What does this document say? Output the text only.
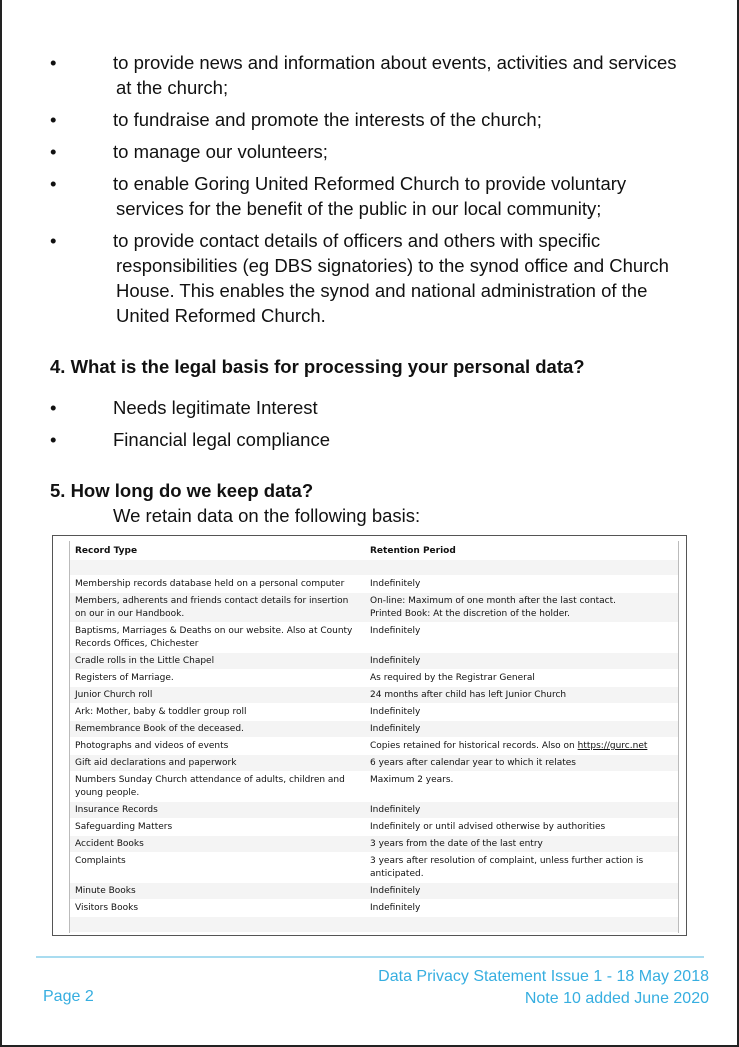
•	to provide news and information about events, activities and services
at the church;
•	to fundraise and promote the interests of the church;
•	to manage our volunteers;
•	to enable Goring United Reformed Church to provide voluntary
services for the benefit of the public in our local community;
•	to provide contact details of officers and others with specific
responsibilities (eg DBS signatories) to the synod office and Church
House. This enables the synod and national administration of the
United Reformed Church.
4. What is the legal basis for processing your personal data?
•	Needs legitimate Interest
•	Financial legal compliance
5. How long do we keep data?

We retain data on the following basis:

Record Type	Retention Period

Membership records database held on a personal computer	Indefinitely
Members, adherents and friends contact details for insertion on our in our Handbook.	On-line: Maximum of one month after the last contact.
Printed Book: At the discretion of the holder.
Baptisms, Marriages & Deaths on our website. Also at County Records Offices, Chichester	Indefinitely
Cradle rolls in the Little Chapel	Indefinitely
Registers of Marriage.	As required by the Registrar General
Junior Church roll	24 months after child has left Junior Church
Ark: Mother, baby & toddler group roll	Indefinitely
Remembrance Book of the deceased.	Indefinitely
Photographs and videos of events	Copies retained for historical records. Also on https://gurc.net
Gift aid declarations and paperwork	6 years after calendar year to which it relates
Numbers Sunday Church attendance of adults, children and young people.	Maximum 2 years.
Insurance Records	Indefinitely
Safeguarding Matters	Indefinitely or until advised otherwise by authorities
Accident Books	3 years from the date of the last entry
Complaints	3 years after resolution of complaint, unless further action is anticipated.
Minute Books	Indefinitely
Visitors Books	Indefinitely

Page 2

Data Privacy Statement Issue 1 - 18 May 2018
Note 10 added June 2020
